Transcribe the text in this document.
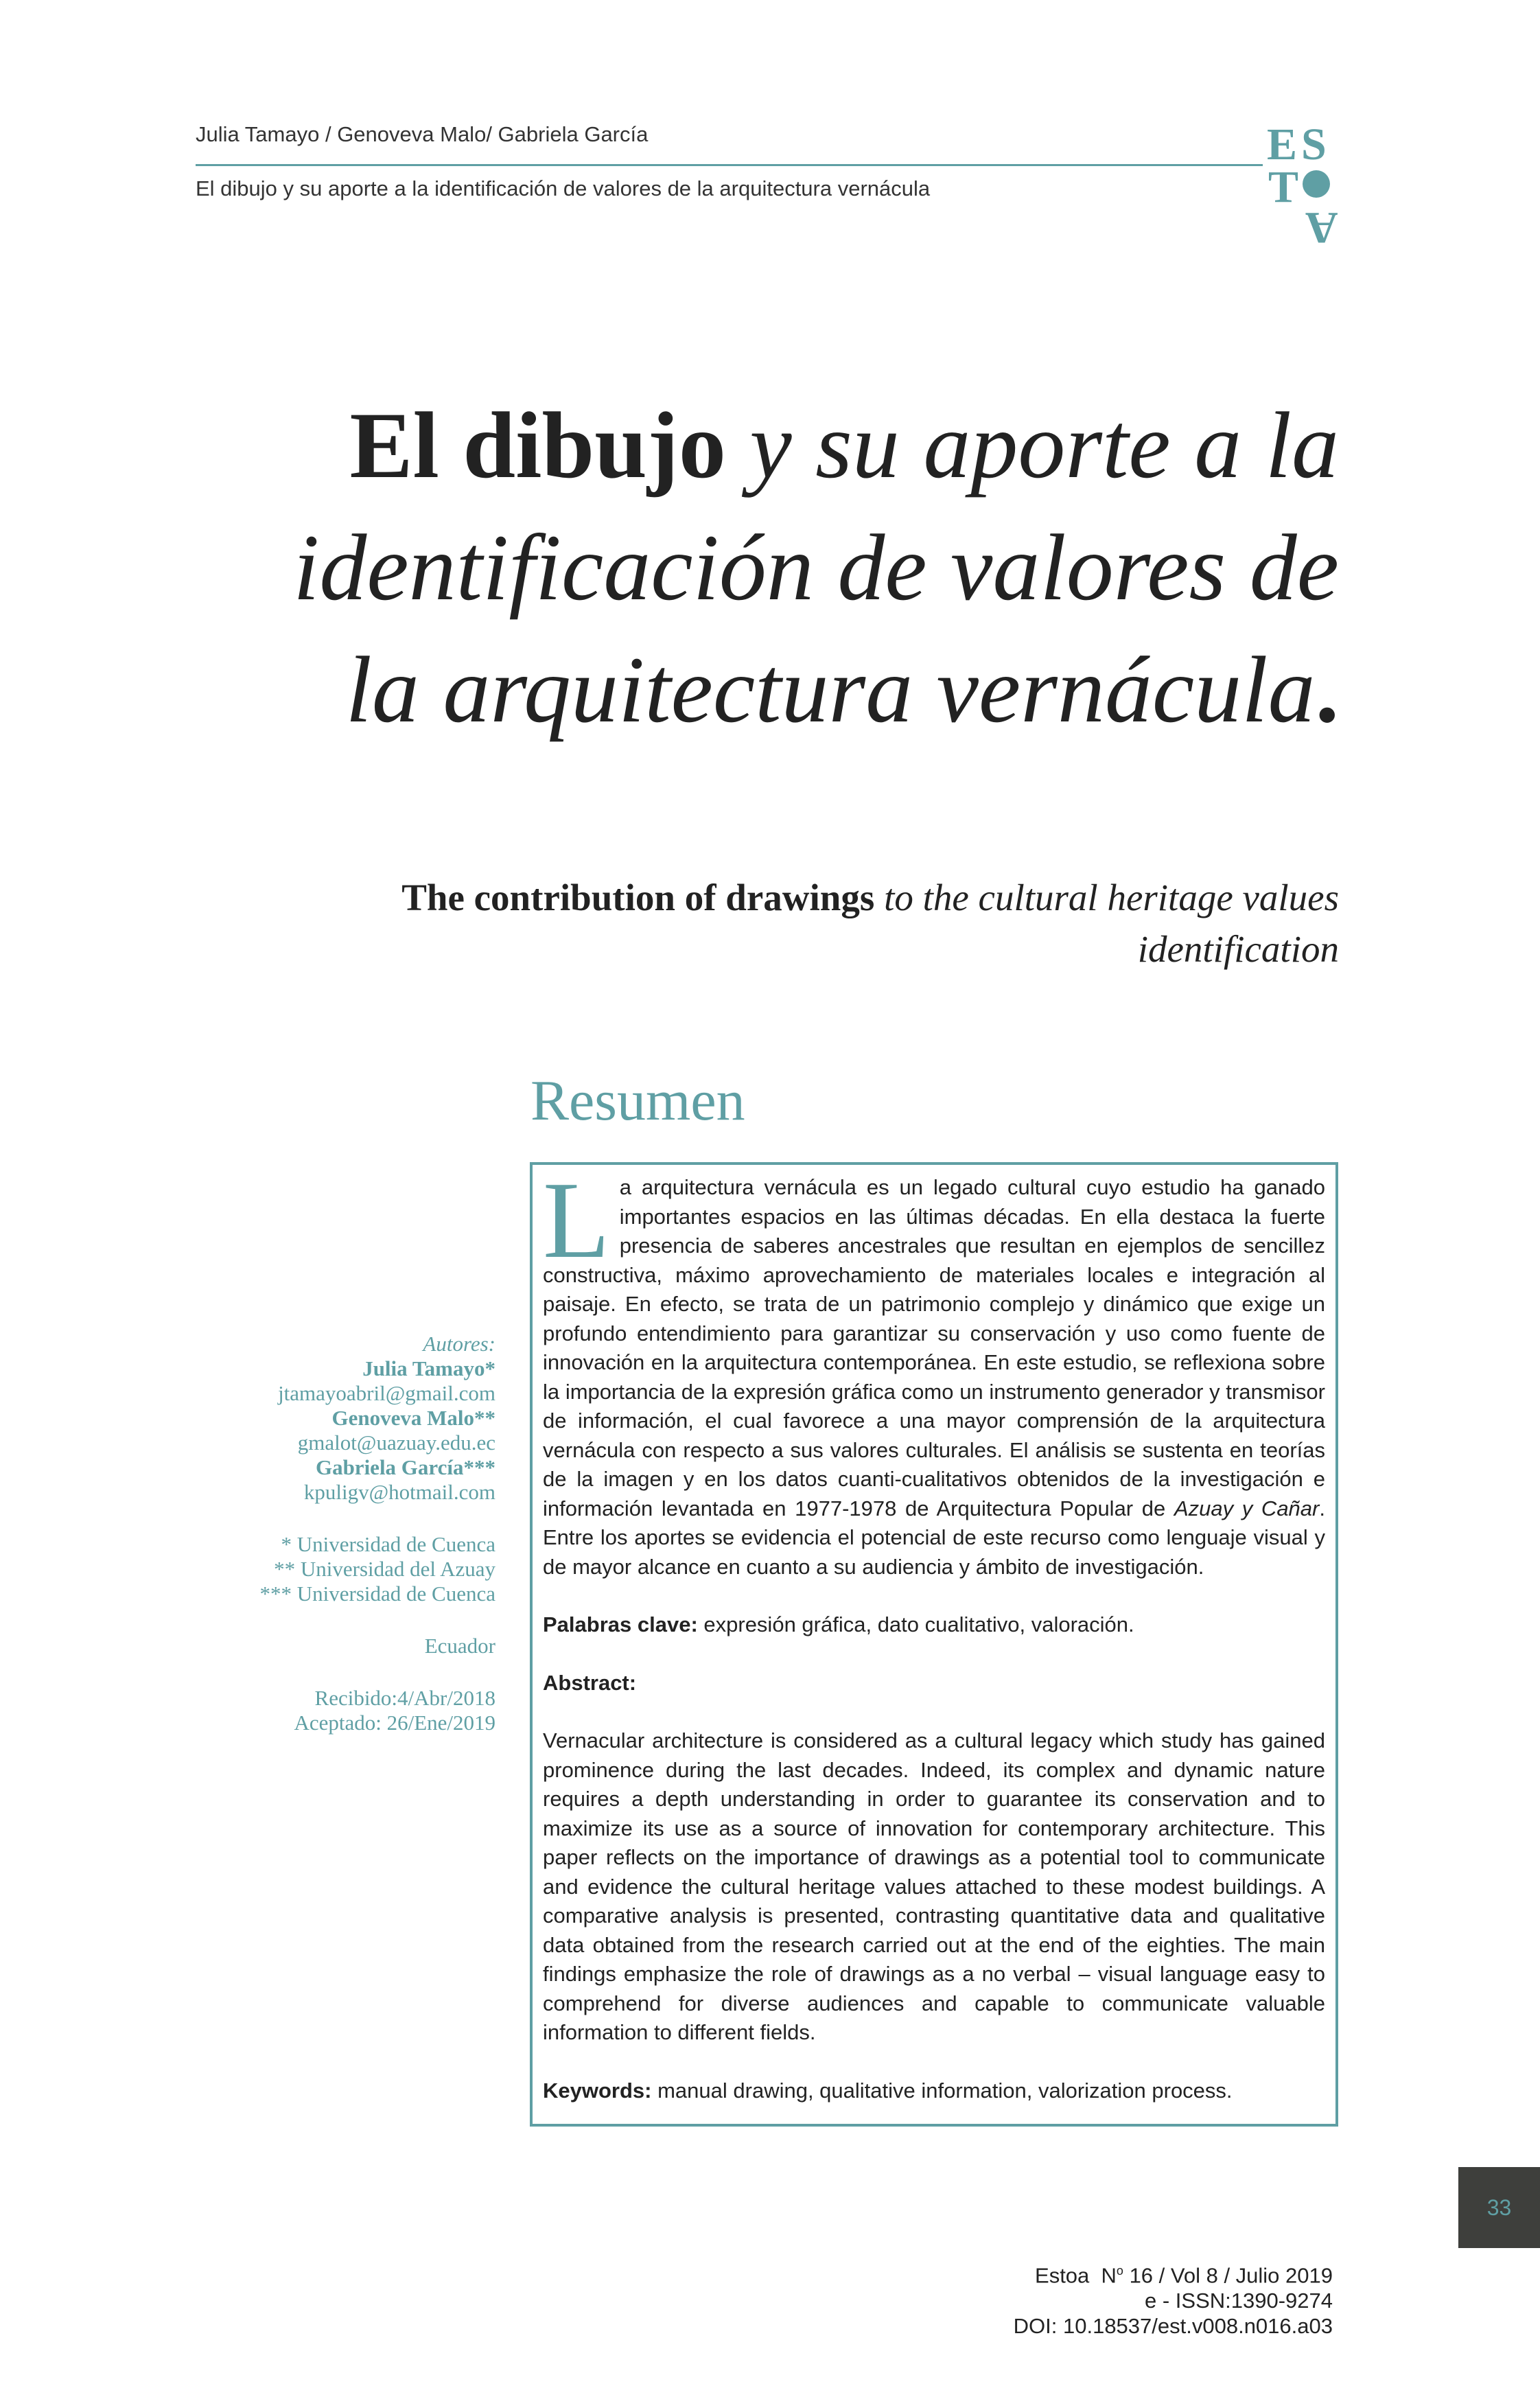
Julia Tamayo / Genoveva Malo/ Gabriela García
El dibujo y su aporte a la identificación de valores de la arquitectura vernácula
E S
T
A
El dibujo y su aporte a la
identificación de valores de
la arquitectura vernácula.
The contribution of drawings to the cultural heritage values
identification
Resumen

La arquitectura vernácula es un legado cultural cuyo estudio ha ganado importantes espacios en las últimas décadas. En ella destaca la fuerte presencia de saberes ancestrales que resultan en ejemplos de sencillez constructiva, máximo aprovechamiento de materiales locales e integración al paisaje. En efecto, se trata de un patrimonio complejo y dinámico que exige un profundo entendimiento para garantizar su conservación y uso como fuente de innovación en la arquitectura contemporánea. En este estudio, se reflexiona sobre la importancia de la expresión gráfica como un instrumento generador y transmisor de información, el cual favorece a una mayor comprensión de la arquitectura vernácula con respecto a sus valores culturales. El análisis se sustenta en teorías de la imagen y en los datos cuanti-cualitativos obtenidos de la investigación e información levantada en 1977-1978 de Arquitectura Popular de Azuay y Cañar. Entre los aportes se evidencia el potencial de este recurso como lenguaje visual y de mayor alcance en cuanto a su audiencia y ámbito de investigación.

Palabras clave: expresión gráfica, dato cualitativo, valoración.

Abstract:

Vernacular architecture is considered as a cultural legacy which study has gained prominence during the last decades. Indeed, its complex and dynamic nature requires a depth understanding in order to guarantee its conservation and to maximize its use as a source of innovation for contemporary architecture. This paper reflects on the importance of drawings as a potential tool to communicate and evidence the cultural heritage values attached to these modest buildings. A comparative analysis is presented, contrasting quantitative data and qualitative data obtained from the research carried out at the end of the eighties. The main findings emphasize the role of drawings as a no verbal – visual language easy to comprehend for diverse audiences and capable to communicate valuable information to different fields.

Keywords: manual drawing, qualitative information, valorization process.

Autores:
Julia Tamayo*
jtamayoabril@gmail.com
Genoveva Malo**
gmalot@uazuay.edu.ec
Gabriela García***
kpuligv@hotmail.com
* Universidad de Cuenca
** Universidad del Azuay
*** Universidad de Cuenca
Ecuador
Recibido:4/Abr/2018
Aceptado: 26/Ene/2019
33
Estoa $N^o$ 16 / Vol 8 / Julio 2019
e - ISSN:1390-9274
DOI: 10.18537/est.v008.n016.a03
